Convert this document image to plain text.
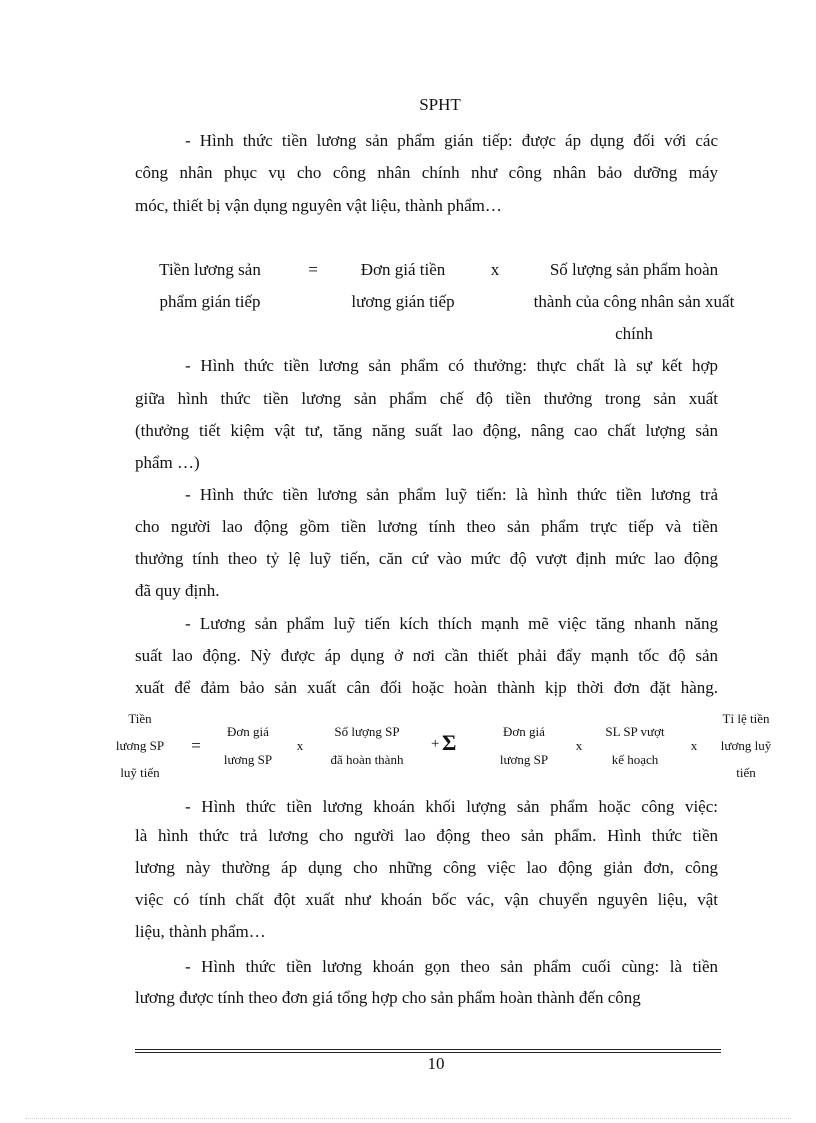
SPHT
- Hình thức tiền lương sản phẩm gián tiếp: được áp dụng đối với các
công nhân phục vụ cho công nhân chính như công nhân bảo dưỡng máy
móc, thiết bị vận dụng nguyên vật liệu, thành phẩm…
Tiền lương sản
phẩm gián tiếp
=	Đơn giá tiền
lương gián tiếp
x	Số lượng sản phẩm hoàn
thành của công nhân sản xuất
chính
- Hình thức tiền lương sản phẩm có thưởng: thực chất là sự kết hợp
giữa hình thức tiền lương sản phẩm chế độ tiền thưởng trong sản xuất
(thưởng tiết kiệm vật tư, tăng năng suất lao động, nâng cao chất lượng sản
phẩm …)
- Hình thức tiền lương sản phẩm luỹ tiến: là hình thức tiền lương trả
cho người lao động gồm tiền lương tính theo sản phẩm trực tiếp và tiền
thưởng tính theo tỷ lệ luỹ tiến, căn cứ vào mức độ vượt định mức lao động
đã quy định.
- Lương sản phẩm luỹ tiến kích thích mạnh mẽ việc tăng nhanh năng
suất lao động. Nỳ được áp dụng ở nơi cần thiết phải đẩy mạnh tốc độ sản
xuất để đảm bảo sản xuất cân đối hoặc hoàn thành kịp thời đơn đặt hàng.
Tiền
lương SP
luỹ tiến
=
Đơn giá
lương SP
x
Số lượng SP
đã hoàn thành
+ Σ	Đơn giá
lương SP
x
SL SP vượt
kế hoạch
x
Tỉ lệ tiền
lương luỹ
tiến
- Hình thức tiền lương khoán khối lượng sản phẩm hoặc công việc:
là hình thức trả lương cho người lao động theo sản phẩm. Hình thức tiền
lương này thường áp dụng cho những công việc lao động giản đơn, công
việc có tính chất đột xuất như khoán bốc vác, vận chuyển nguyên liệu, vật
liệu, thành phẩm…
- Hình thức tiền lương khoán gọn theo sản phẩm cuối cùng: là tiền
lương được tính theo đơn giá tổng hợp cho sản phẩm hoàn thành đến công
10
